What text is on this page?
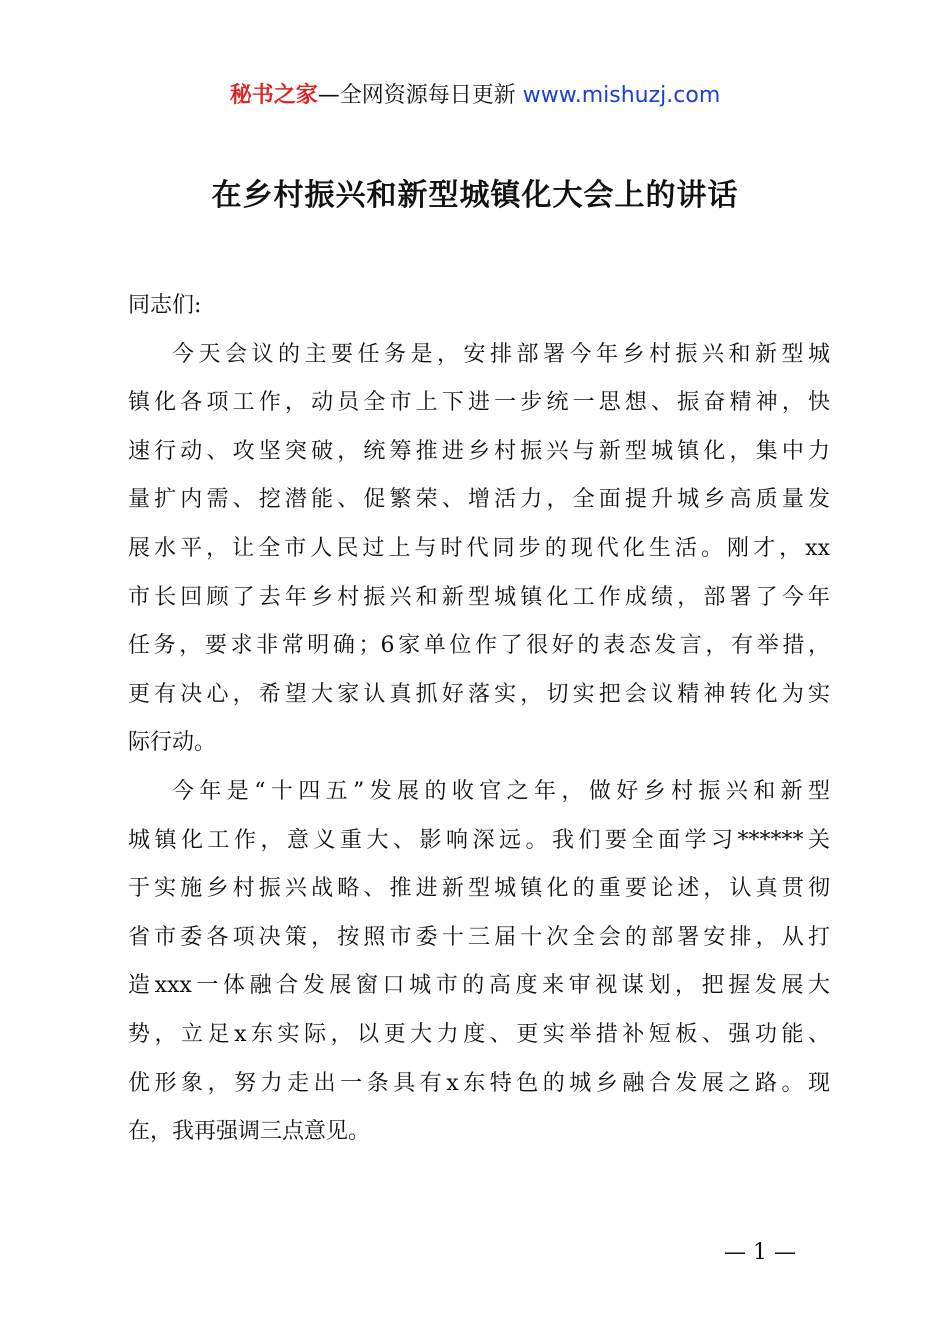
秘书之家—全网资源每日更新 www.mishuzj.com
在乡村振兴和新型城镇化大会上的讲话
同志们:
今天会议的主要任务是，安排部署今年乡村振兴和新型城
镇化各项工作，动员全市上下进一步统一思想、振奋精神，快
速行动、攻坚突破，统筹推进乡村振兴与新型城镇化，集中力
量扩内需、挖潜能、促繁荣、增活力，全面提升城乡高质量发
展水平，让全市人民过上与时代同步的现代化生活。刚才，xx
市长回顾了去年乡村振兴和新型城镇化工作成绩，部署了今年
任务，要求非常明确；6家单位作了很好的表态发言，有举措，
更有决心，希望大家认真抓好落实，切实把会议精神转化为实
际行动。
今年是“十四五”发展的收官之年，做好乡村振兴和新型
城镇化工作，意义重大、影响深远。我们要全面学习******关
于实施乡村振兴战略、推进新型城镇化的重要论述，认真贯彻
省市委各项决策，按照市委十三届十次全会的部署安排，从打
造xxx一体融合发展窗口城市的高度来审视谋划，把握发展大
势，立足x东实际，以更大力度、更实举措补短板、强功能、
优形象，努力走出一条具有x东特色的城乡融合发展之路。现
在，我再强调三点意见。
— 1 —
